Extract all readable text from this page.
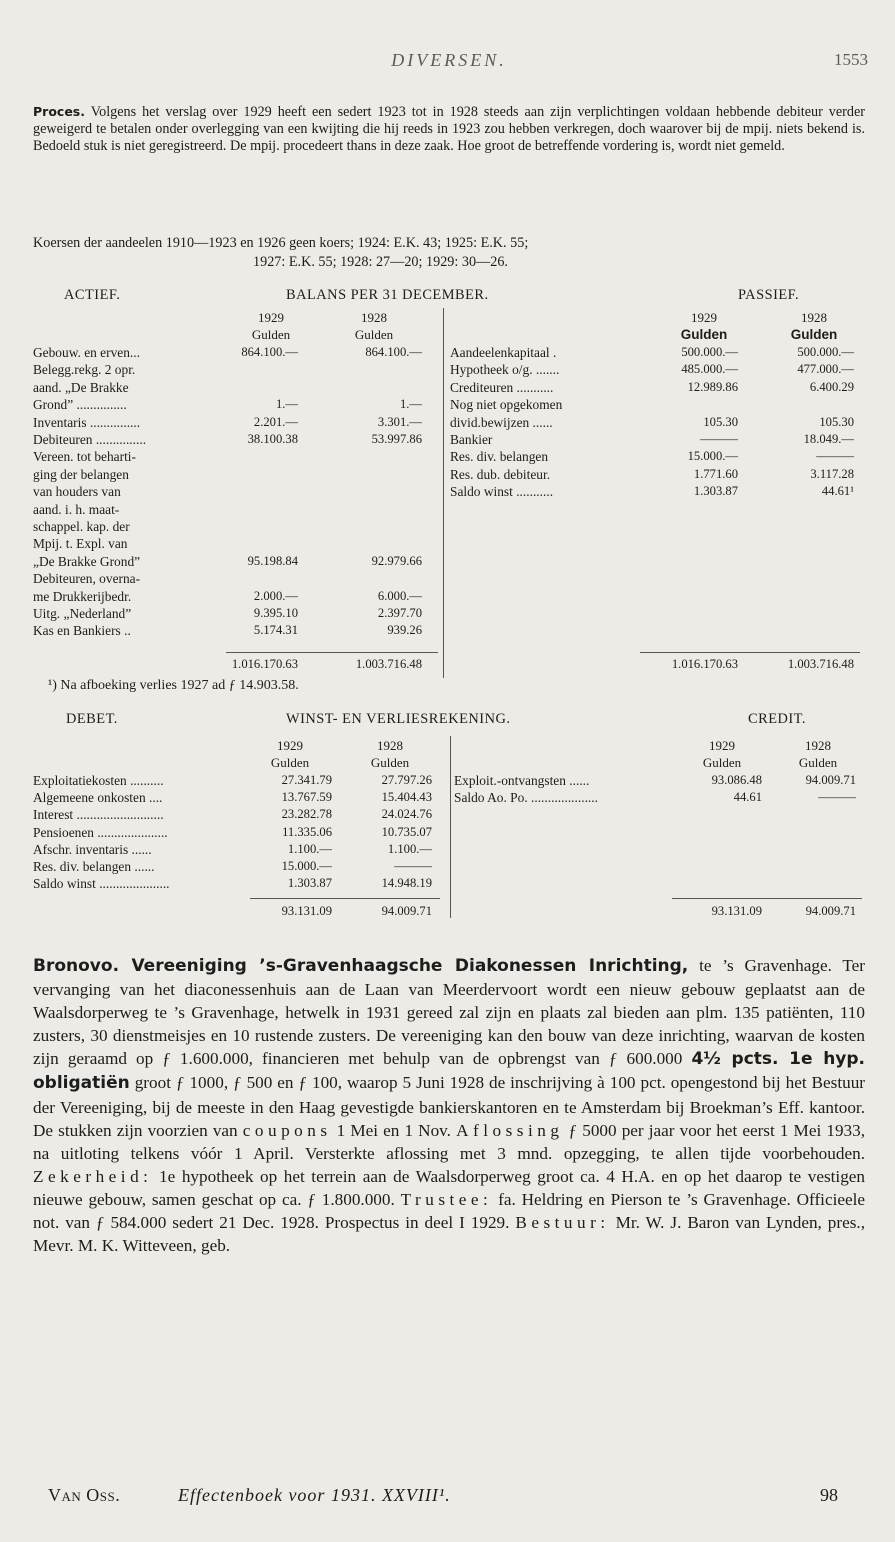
DIVERSEN.	1553
Proces. Volgens het verslag over 1929 heeft een sedert 1923 tot in 1928 steeds aan zijn verplichtingen voldaan hebbende debiteur verder geweigerd te betalen onder overlegging van een kwijting die hij reeds in 1923 zou hebben verkregen, doch waarover bij de mpij. niets bekend is. Bedoeld stuk is niet geregistreerd. De mpij. procedeert thans in deze zaak. Hoe groot de betreffende vordering is, wordt niet gemeld.
Koersen der aandeelen 1910—1923 en 1926 geen koers; 1924: E.K. 43; 1925: E.K. 55;
1927: E.K. 55; 1928: 27—20; 1929: 30—26.
ACTIEF.	BALANS PER 31 DECEMBER.	PASSIEF.
1929	1928
Gulden	Gulden
1929	1928
Gulden	Gulden
Gebouw. en erven...	864.100.—	864.100.—
Belegg.rekg. 2 opr.
aand. „De Brakke
Grond” ...............	1.—	1.—
Inventaris ...............	2.201.—	3.301.—
Debiteuren ...............	38.100.38	53.997.86
Vereen. tot beharti-
ging der belangen
van houders van
aand. i. h. maat-
schappel. kap. der
Mpij. t. Expl. van
„De Brakke Grond”	95.198.84	92.979.66
Debiteuren, overna-
me Drukkerijbedr.	2.000.—	6.000.—
Uitg. „Nederland”	9.395.10	2.397.70
Kas en Bankiers ..	5.174.31	939.26
Aandeelenkapitaal .	500.000.—	500.000.—
Hypotheek o/g. .......	485.000.—	477.000.—
Crediteuren ...........	12.989.86	6.400.29
Nog niet opgekomen
divid.bewijzen ......	105.30	105.30
Bankier	———	18.049.—
Res. div. belangen	15.000.—	———
Res. dub. debiteur.	1.771.60	3.117.28
Saldo winst ...........	1.303.87	44.61¹
1.016.170.63	1.003.716.48	1.016.170.63	1.003.716.48
¹) Na afboeking verlies 1927 ad ƒ 14.903.58.
DEBET.	WINST- EN VERLIESREKENING.	CREDIT.
1929	1928
Gulden	Gulden
1929	1928
Gulden	Gulden
Exploitatiekosten ..........	27.341.79	27.797.26
Algemeene onkosten ....	13.767.59	15.404.43
Interest ..........................	23.282.78	24.024.76
Pensioenen .....................	11.335.06	10.735.07
Afschr. inventaris ......	1.100.—	1.100.—
Res. div. belangen ......	15.000.—	———
Saldo winst .....................	1.303.87	14.948.19
Exploit.-ontvangsten ......	93.086.48	94.009.71
Saldo Ao. Po. ....................	44.61	———
93.131.09	94.009.71	93.131.09	94.009.71
Bronovo. Vereeniging ’s-Gravenhaagsche Diakonessen Inrichting, te ’s Gravenhage. Ter vervanging van het diaconessenhuis aan de Laan van Meerdervoort wordt een nieuw gebouw geplaatst aan de Waalsdorperweg te ’s Gravenhage, hetwelk in 1931 gereed zal zijn en plaats zal bieden aan plm. 135 patiënten, 110 zusters, 30 dienstmeisjes en 10 rustende zusters. De vereeniging kan den bouw van deze inrichting, waarvan de kosten zijn geraamd op ƒ 1.600.000, financieren met behulp van de opbrengst van ƒ 600.000 4½ pcts. 1e hyp. obligatiën groot ƒ 1000, ƒ 500 en ƒ 100, waarop 5 Juni 1928 de inschrijving à 100 pct. opengestond bij het Bestuur der Vereeniging, bij de meeste in den Haag gevestigde bankierskantoren en te Amsterdam bij Broekman’s Eff. kantoor. De stukken zijn voorzien van coupons 1 Mei en 1 Nov. Aflossing ƒ 5000 per jaar voor het eerst 1 Mei 1933, na uitloting telkens vóór 1 April. Versterkte aflossing met 3 mnd. opzegging, te allen tijde voorbehouden. Zekerheid: 1e hypotheek op het terrein aan de Waalsdorperweg groot ca. 4 H.A. en op het daarop te vestigen nieuwe gebouw, samen geschat op ca. ƒ 1.800.000. Trustee: fa. Heldring en Pierson te ’s Gravenhage. Officieele not. van ƒ 584.000 sedert 21 Dec. 1928. Prospectus in deel I 1929. Bestuur: Mr. W. J. Baron van Lynden, pres., Mevr. M. K. Witteveen, geb.
Van Oss.	Effectenboek voor 1931. XXVIII¹.	98
